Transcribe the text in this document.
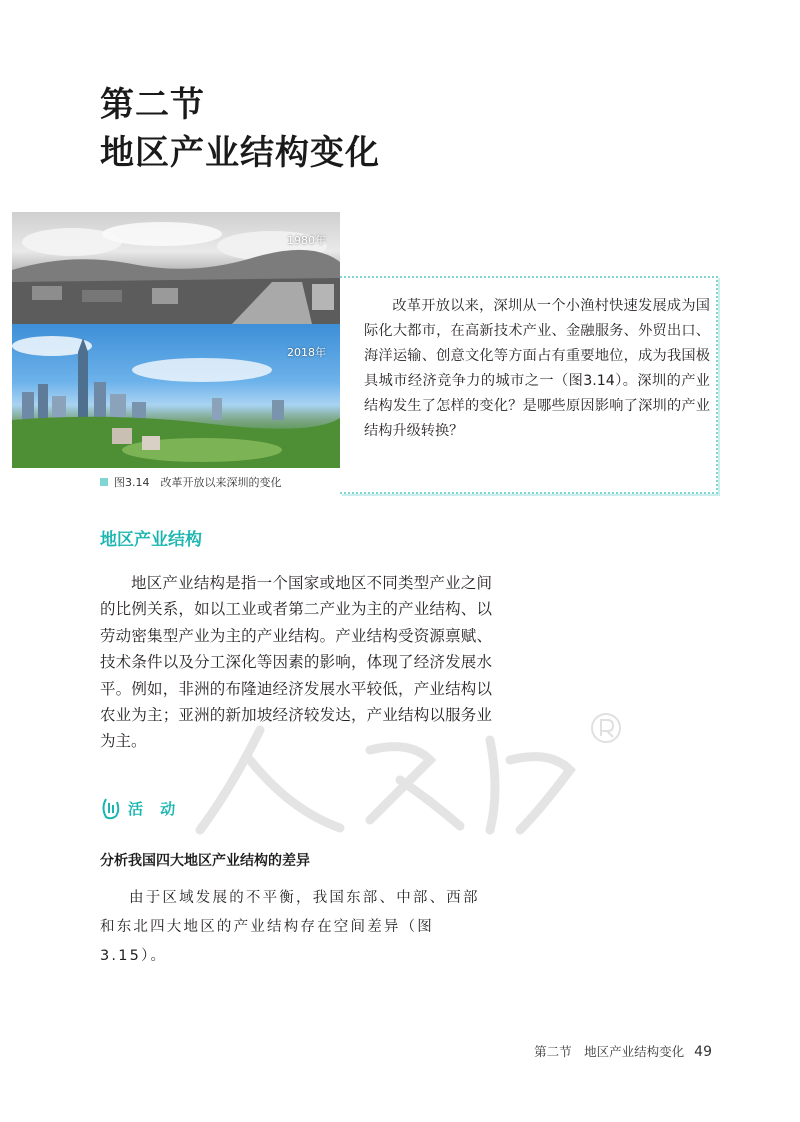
第二节
地区产业结构变化
1980年
2018年
改革开放以来，深圳从一个小渔村快速发展成为国际化大都市，在高新技术产业、金融服务、外贸出口、海洋运输、创意文化等方面占有重要地位，成为我国极具城市经济竞争力的城市之一（图3.14）。深圳的产业结构发生了怎样的变化？是哪些原因影响了深圳的产业结构升级转换？
图3.14　改革开放以来深圳的变化
地区产业结构
地区产业结构是指一个国家或地区不同类型产业之间的比例关系，如以工业或者第二产业为主的产业结构、以劳动密集型产业为主的产业结构。产业结构受资源禀赋、技术条件以及分工深化等因素的影响，体现了经济发展水平。例如，非洲的布隆迪经济发展水平较低，产业结构以农业为主；亚洲的新加坡经济较发达，产业结构以服务业为主。
活 动
分析我国四大地区产业结构的差异
由于区域发展的不平衡，我国东部、中部、西部和东北四大地区的产业结构存在空间差异（图3.15）。
第二节　地区产业结构变化 49
